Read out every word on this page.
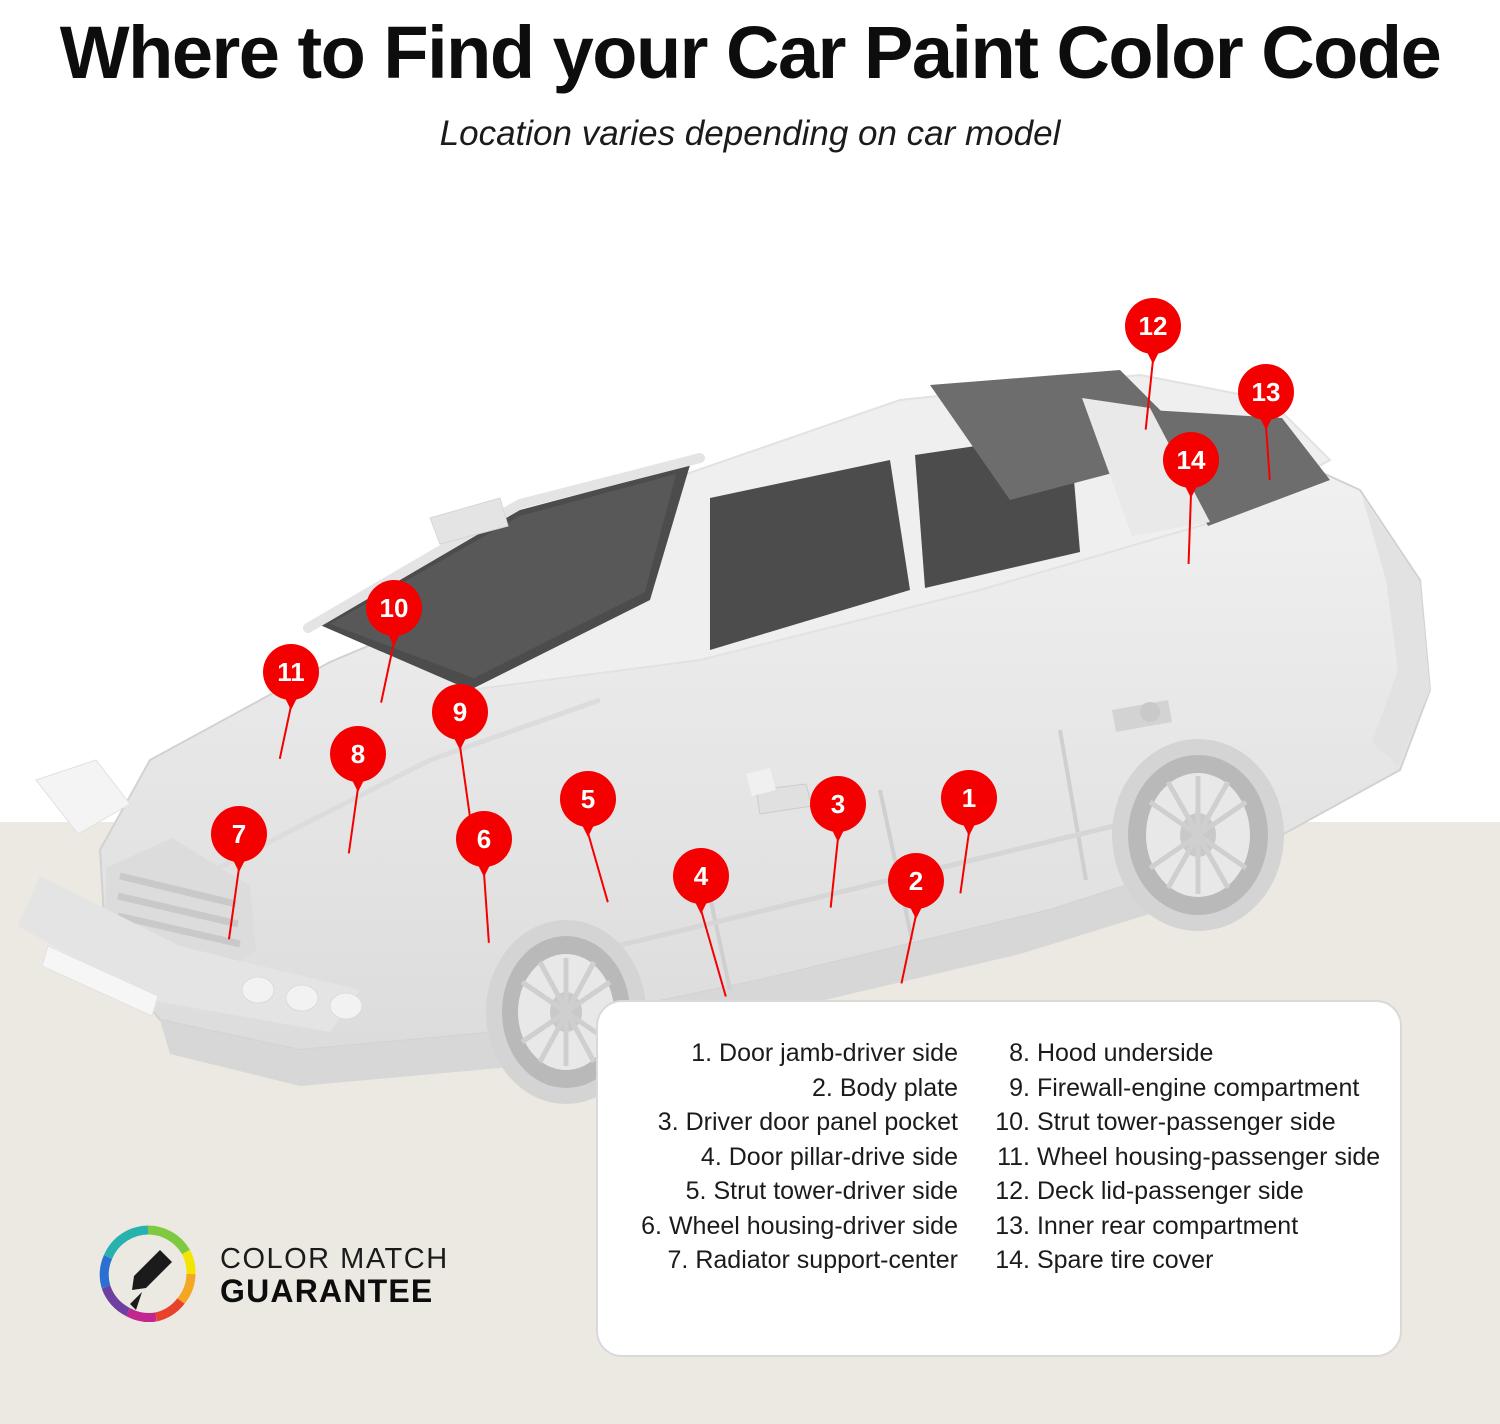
Where to Find your Car Paint Color Code

Location varies depending on car model

1
2
3
4
5
6
7
8
9
10
11
12
13
14
1. Door jamb-driver side
2. Body plate
3. Driver door panel pocket
4. Door pillar-drive side
5. Strut tower-driver side
6. Wheel housing-driver side
7. Radiator support-center
8. Hood underside
9. Firewall-engine compartment
10. Strut tower-passenger side
11. Wheel housing-passenger side
12. Deck lid-passenger side
13. Inner rear compartment
14. Spare tire cover
COLOR MATCH
GUARANTEE
